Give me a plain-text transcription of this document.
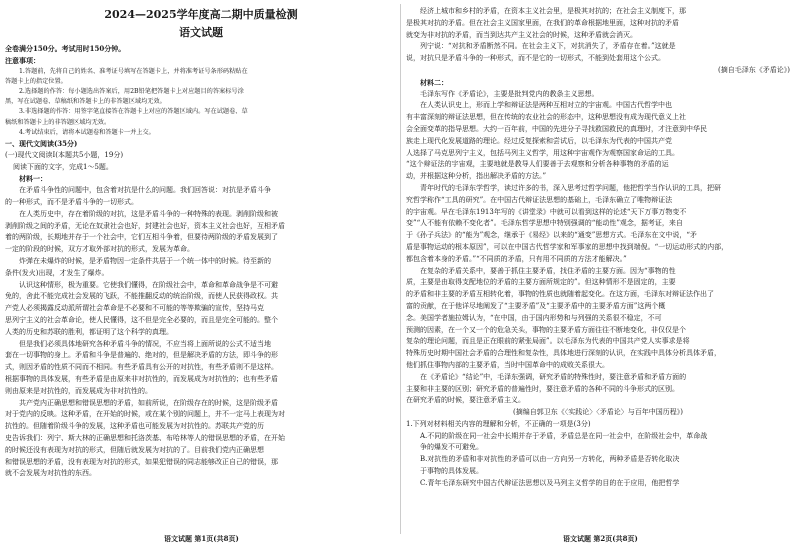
2024—2025学年度高二期中质量检测
语文试题
全卷满分150分。考试用时150分钟。
注意事项：
1.答题前，先将自己的姓名、准考证号填写在答题卡上，并将准考证号条形码粘贴在
答题卡上的指定位置。
2.选择题的作答：每小题选出答案后，用2B铅笔把答题卡上对应题目的答案标号涂
黑，写在试题卷、草稿纸和答题卡上的非答题区域均无效。
3.非选择题的作答：用签字笔直接答在答题卡上对应的答题区域内。写在试题卷、草
稿纸和答题卡上的非答题区域均无效。
4.考试结束后，请将本试题卷和答题卡一并上交。
一、现代文阅读(35分)
(一)现代文阅读Ⅰ(本题共5小题，19分)
阅读下面的文字，完成1～5题。
材料一：
在矛盾斗争性的问题中，包含着对抗是什么的问题。我们回答说：对抗是矛盾斗争
的一种形式，而不是矛盾斗争的一切形式。
在人类历史中，存在着阶级的对抗，这是矛盾斗争的一种特殊的表现。剥削阶级和被
剥削阶级之间的矛盾，无论在奴隶社会也好，封建社会也好，资本主义社会也好，互相矛盾
着的两阶级，长期地并存于一个社会中，它们互相斗争着，但要待两阶级的矛盾发展到了
一定的阶段的时候，双方才取外部对抗的形式，发展为革命。
炸弹在未爆炸的时候，是矛盾物因一定条件共居于一个统一体中的时候。待至新的
条件(发火)出现，才发生了爆炸。
认识这种情形，极为重要。它使我们懂得，在阶级社会中，革命和革命战争是不可避
免的，舍此不能完成社会发展的飞跃，不能推翻反动的统治阶级，而使人民获得政权。共
产党人必须揭露反动派所谓社会革命是不必要和不可能的等等欺骗的宣传，坚持马克
思列宁主义的社会革命论，使人民懂得，这不但是完全必要的，而且是完全可能的。整个
人类的历史和苏联的胜利，都证明了这个科学的真理。
但是我们必须具体地研究各种矛盾斗争的情况，不应当将上面所说的公式不适当地
套在一切事物的身上。矛盾和斗争是普遍的、绝对的，但是解决矛盾的方法，即斗争的形
式，则因矛盾的性质不同而不相同。有些矛盾具有公开的对抗性，有些矛盾则不是这样。
根据事物的具体发展，有些矛盾是由原来非对抗性的，而发展成为对抗性的；也有些矛盾
则由原来是对抗性的，而发展成为非对抗性的。
共产党内正确思想和错误思想的矛盾，如前所说，在阶级存在的时候，这是阶级矛盾
对于党内的反映。这种矛盾，在开始的时候，或在某个别的问题上，并不一定马上表现为对
抗性的。但随着阶级斗争的发展，这种矛盾也可能发展为对抗性的。苏联共产党的历
史告诉我们：列宁、斯大林的正确思想和托洛茨基、布哈林等人的错误思想的矛盾，在开始
的时候还没有表现为对抗的形式，但随后就发展为对抗的了。目前我们党内正确思想
和错误思想的矛盾，没有表现为对抗的形式，如果犯错误的同志能够改正自己的错误，那
就不会发展为对抗性的东西。
经济上城市和乡村的矛盾，在资本主义社会里，是极其对抗的；在社会主义制度下，那
是极其对抗的矛盾。但在社会主义国家里面，在我们的革命根据地里面，这种对抗的矛盾
就变为非对抗的矛盾，而当到达共产主义社会的时候，这种矛盾就会消灭。
列宁说：“对抗和矛盾断然不同。在社会主义下，对抗消失了，矛盾存在着。”这就是
说，对抗只是矛盾斗争的一种形式，而不是它的一切形式，不能到处套用这个公式。
(摘自毛泽东《矛盾论》)
材料二：
毛泽东写作《矛盾论》，主要是批判党内的教条主义思想。
在人类认识史上，形而上学和辩证法是两种互相对立的宇宙观。中国古代哲学中也
有丰富深刻的辩证法思想，但在传统的农业社会的形态中，这种思想没有成为现代意义上社
会全面变革的指导思想。大约一百年前，中国的先进分子寻找救国救民的真理时，才注意到中华民
族走上现代化发展道路的理论。经过反复探索和尝试后，以毛泽东为代表的中国共产党
人选择了马克思列宁主义，包括马列主义哲学，用这种宇宙观作为观察国家命运的工具。
“这个辩证法的宇宙观，主要地就是教导人们要善于去观察和分析各种事物的矛盾的运
动，并根据这种分析，指出解决矛盾的方法。”
青年时代的毛泽东学哲学，读过许多的书，深入思考过哲学问题，他把哲学当作认识的工具，把研
究哲学称作“工具的研究”。在中国古代辩证法思想的基础上，毛泽东确立了唯物辩证法
的宇宙观。早在毛泽东1913年写的《讲堂录》中就可以看到这样的论述“天下万事万物变不
变”“人不能有依赖不变化者”。毛泽东哲学思想中特别强调的“能动性”观念，据考证，来自
于《孙子兵法》的“能为”观念，继承于《易经》以来的“通变”思想方式。毛泽东在文中说，“矛
盾是事物运动的根本原因”，可以在中国古代哲学家和军事家的思想中找到端倪。“一切运动形式的内部，
都包含着本身的矛盾。”“不同质的矛盾，只有用不同质的方法才能解决。”
在复杂的矛盾关系中，要善于抓住主要矛盾，找住矛盾的主要方面。因为“事物的性
质，主要是由取得支配地位的矛盾的主要方面所规定的”。但这种情形不是固定的，主要
的矛盾和非主要的矛盾互相转化着，事物的性质也就随着起变化。在这方面，毛泽东对辩证法作出了
富的贡献，在于他详尽地阐发了“主要矛盾”及“主要矛盾中的主要矛盾方面”这两个概
念。美国学者施拉姆认为，“在中国，由于国内形势和与列强的关系很不稳定，不可
预测的因素，在一个又一个的危急关头，事物的主要矛盾方面往往不断地变化，非仅仅是个
复杂的理论问题，而且是正在眼前的紧张局面”。以毛泽东为代表的中国共产党人实事求是将
特殊历史时期中国社会矛盾的合理性和复杂性，具体地进行深刻的认识，在实践中具体分析具体矛盾，
他们抓住事物内部的主要矛盾，当时中国革命中的成败关系很大。
在《矛盾论》“结论”中，毛泽东强调，研究矛盾的特殊性时，要注意矛盾和矛盾方面的
主要和非主要的区别；研究矛盾的普遍性时，要注意矛盾的各种不同的斗争形式的区别。
在研究矛盾的时候，要注意矛盾主义。
(摘编自郭卫东《〈实践论〉〈矛盾论〉与百年中国历程》)
1.下列对材料相关内容的理解和分析，不正确的一项是(3分)
A.不同的阶级在同一社会中长期并存于矛盾，矛盾总是在同一社会中，在阶级社会中，革命战
争的爆发不可避免。
B.对抗性的矛盾和非对抗性的矛盾可以由一方向另一方转化，两种矛盾是否转化取决
于事物的具体发展。
C.青年毛泽东研究中国古代辩证法思想以及马列主义哲学的目的在于应用，他把哲学
语文试题 第1页(共8页)	语文试题 第2页(共8页)
